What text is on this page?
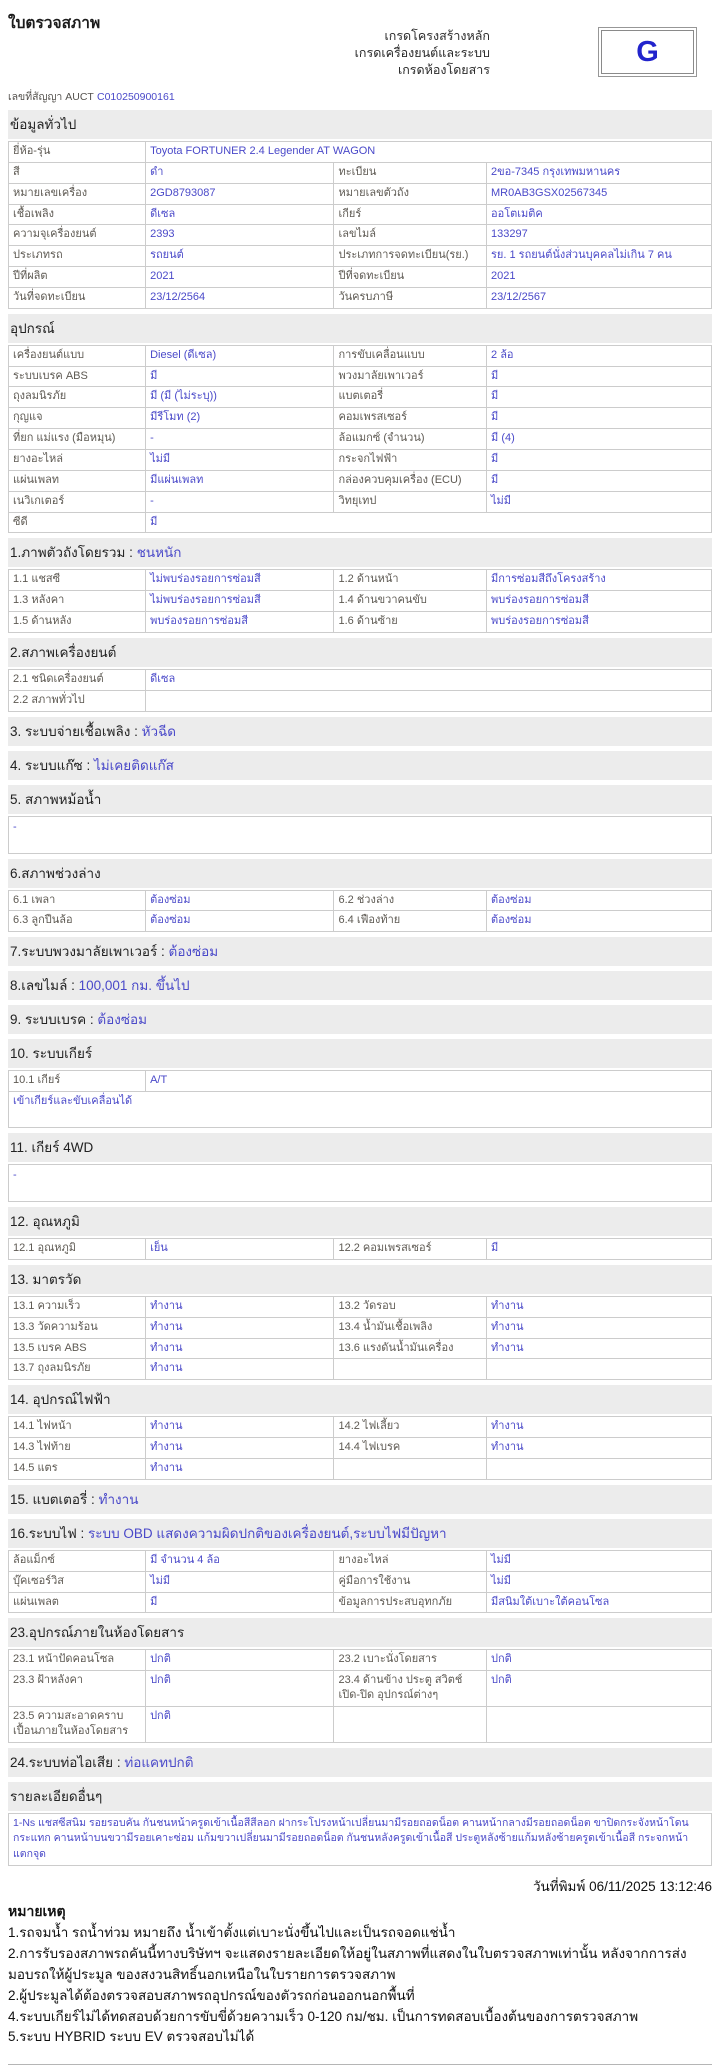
ใบตรวจสภาพ
เกรดโครงสร้างหลัก
เกรดเครื่องยนต์และระบบ
เกรดห้องโดยสาร
G
เลขที่สัญญา AUCT C010250900161
ข้อมูลทั่วไป
ยี่ห้อ-รุ่น	Toyota FORTUNER 2.4 Legender AT WAGON		
สี	ดำ	ทะเบียน	2ขอ-7345 กรุงเทพมหานคร
หมายเลขเครื่อง	2GD8793087	หมายเลขตัวถัง	MR0AB3GSX02567345
เชื้อเพลิง	ดีเซล	เกียร์	ออโตเมติค
ความจุเครื่องยนต์	2393	เลขไมล์	133297
ประเภทรถ	รถยนต์	ประเภทการจดทะเบียน(รย.)	รย. 1 รถยนต์นั่งส่วนบุคคลไม่เกิน 7 คน
ปีที่ผลิต	2021	ปีที่จดทะเบียน	2021
วันที่จดทะเบียน	23/12/2564	วันครบภาษี	23/12/2567
อุปกรณ์
เครื่องยนต์แบบ	Diesel (ดีเซล)	การขับเคลื่อนแบบ	2 ล้อ
ระบบเบรค ABS	มี	พวงมาลัยเพาเวอร์	มี
ถุงลมนิรภัย	มี (มี (ไม่ระบุ))	แบตเตอรี่	มี
กุญแจ	มีรีโมท (2)	คอมเพรสเซอร์	มี
ที่ยก แม่แรง (มือหมุน)	-	ล้อแมกซ์ (จำนวน)	มี (4)
ยางอะไหล่	ไม่มี	กระจกไฟฟ้า	มี
แผ่นเพลท	มีแผ่นเพลท	กล่องควบคุมเครื่อง (ECU)	มี
เนวิเกเตอร์	-	วิทยุเทป	ไม่มี
ซีดี	มี		
1.ภาพตัวถังโดยรวม : ชนหนัก
1.1 แชสซี	ไม่พบร่องรอยการซ่อมสี	1.2 ด้านหน้า	มีการซ่อมสีถึงโครงสร้าง
1.3 หลังคา	ไม่พบร่องรอยการซ่อมสี	1.4 ด้านขวาคนขับ	พบร่องรอยการซ่อมสี
1.5 ด้านหลัง	พบร่องรอยการซ่อมสี	1.6 ด้านซ้าย	พบร่องรอยการซ่อมสี
2.สภาพเครื่องยนต์
2.1 ชนิดเครื่องยนต์	ดีเซล
2.2 สภาพทั่วไป	
3. ระบบจ่ายเชื้อเพลิง : หัวฉีด
4. ระบบแก๊ซ : ไม่เคยติดแก๊ส
5. สภาพหม้อน้ำ
-
6.สภาพช่วงล่าง
6.1 เพลา	ต้องซ่อม	6.2 ช่วงล่าง	ต้องซ่อม
6.3 ลูกปืนล้อ	ต้องซ่อม	6.4 เฟืองท้าย	ต้องซ่อม
7.ระบบพวงมาลัยเพาเวอร์ : ต้องซ่อม
8.เลขไมล์ : 100,001 กม. ขึ้นไป
9. ระบบเบรค : ต้องซ่อม
10. ระบบเกียร์
10.1 เกียร์	A/T
เข้าเกียร์และขับเคลื่อนได้
11. เกียร์ 4WD
-
12. อุณหภูมิ
12.1 อุณหภูมิ	เย็น	12.2 คอมเพรสเซอร์	มี
13. มาตรวัด
13.1 ความเร็ว	ทำงาน	13.2 วัดรอบ	ทำงาน
13.3 วัดความร้อน	ทำงาน	13.4 น้ำมันเชื้อเพลิง	ทำงาน
13.5 เบรค ABS	ทำงาน	13.6 แรงดันน้ำมันเครื่อง	ทำงาน
13.7 ถุงลมนิรภัย	ทำงาน		
14. อุปกรณ์ไฟฟ้า
14.1 ไฟหน้า	ทำงาน	14.2 ไฟเลี้ยว	ทำงาน
14.3 ไฟท้าย	ทำงาน	14.4 ไฟเบรค	ทำงาน
14.5 แตร	ทำงาน		
15. แบตเตอรี่ : ทำงาน
16.ระบบไฟ : ระบบ OBD แสดงความผิดปกติของเครื่องยนต์,ระบบไฟมีปัญหา
ล้อแม็กซ์	มี จำนวน 4 ล้อ	ยางอะไหล่	ไม่มี
บุ๊คเซอร์วิส	ไม่มี	คู่มือการใช้งาน	ไม่มี
แผ่นเพลต	มี	ข้อมูลการประสบอุทกภัย	มีสนิมใต้เบาะใต้คอนโซล
23.อุปกรณ์ภายในห้องโดยสาร
23.1 หน้าปัดคอนโซล	ปกติ	23.2 เบาะนั่งโดยสาร	ปกติ
23.3 ฝ้าหลังคา	ปกติ	23.4 ด้านข้าง ประตู สวิตช์เปิด-ปิด อุปกรณ์ต่างๆ	ปกติ
23.5 ความสะอาดคราบเปื้อนภายในห้องโดยสาร	ปกติ		
24.ระบบท่อไอเสีย : ท่อแคทปกติ
รายละเอียดอื่นๆ
1-Ns แชสซีสนิม รอยรอบคัน กันชนหน้าครูดเข้าเนื้อสีสีลอก ฝากระโปรงหน้าเปลี่ยนมามีรอยถอดน็อต คานหน้ากลางมีรอยถอดน็อต ขาปิดกระจังหน้าโดนกระแทก คานหน้าบนขวามีรอยเคาะซ่อม แก้มขวาเปลี่ยนมามีรอยถอดน็อต กันชนหลังครูดเข้าเนื้อสี ประตูหลังซ้ายแก้มหลังซ้ายครูดเข้าเนื้อสี กระจกหน้าแตกจุด
วันที่พิมพ์ 06/11/2025 13:12:46
หมายเหตุ
1.รถจมน้ำ รถน้ำท่วม หมายถึง น้ำเข้าตั้งแต่เบาะนั่งขึ้นไปและเป็นรถจอดแช่น้ำ
2.การรับรองสภาพรถคันนี้ทางบริษัทฯ จะแสดงรายละเอียดให้อยู่ในสภาพที่แสดงในใบตรวจสภาพเท่านั้น หลังจากการส่งมอบรถให้ผู้ประมูล ของสงวนสิทธิ์นอกเหนือในใบรายการตรวจสภาพ
2.ผู้ประมูลได้ต้องตรวจสอบสภาพรถอุปกรณ์ของตัวรถก่อนออกนอกพื้นที่
4.ระบบเกียร์ไม่ได้ทดสอบด้วยการขับขี่ด้วยความเร็ว 0-120 กม/ชม. เป็นการทดสอบเบื้องต้นของการตรวจสภาพ
5.ระบบ HYBRID ระบบ EV ตรวจสอบไม่ได้
